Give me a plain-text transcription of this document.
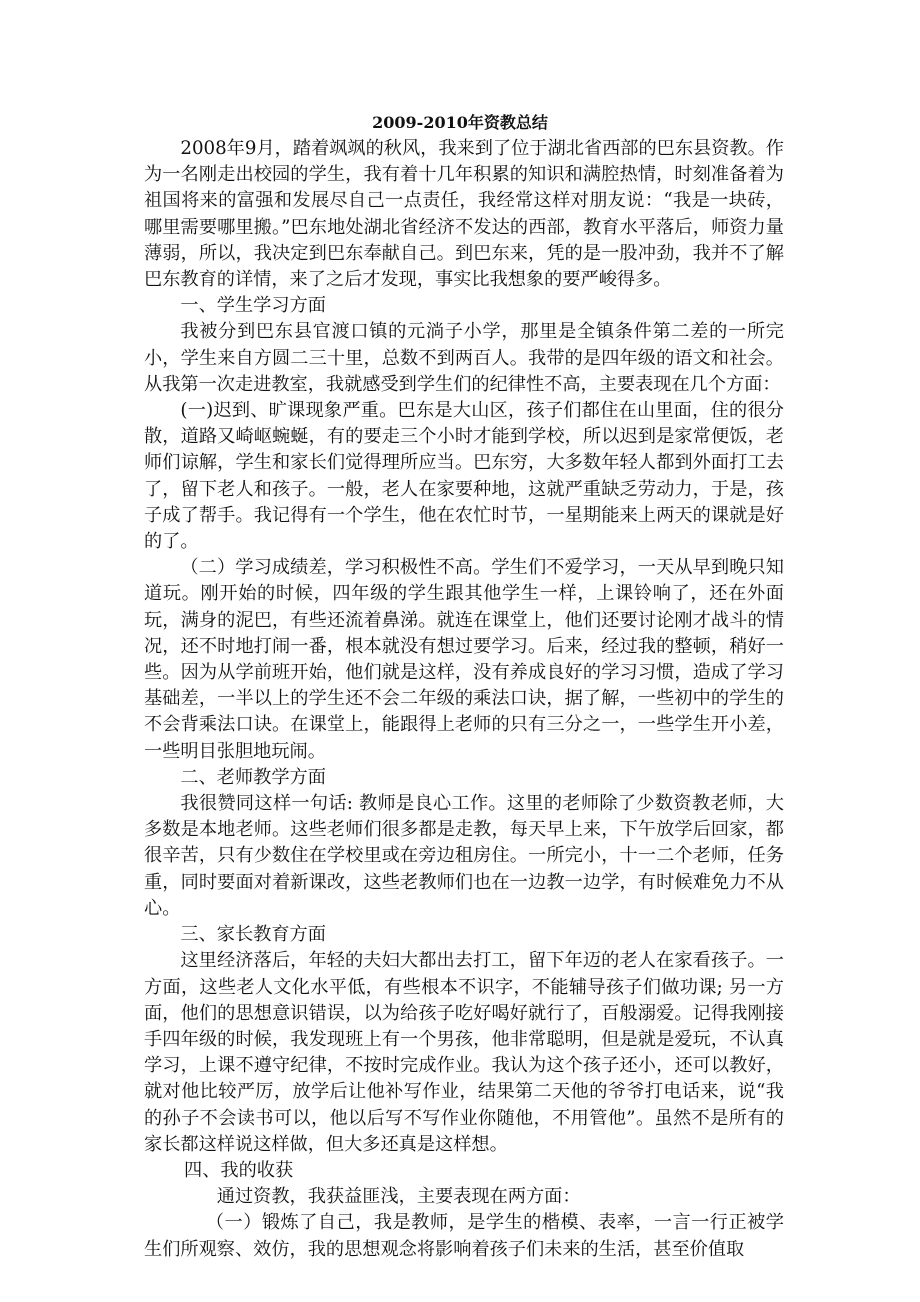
2009-2010年资教总结

2008年9月，踏着飒飒的秋风，我来到了位于湖北省西部的巴东县资教。作为一名刚走出校园的学生，我有着十几年积累的知识和满腔热情，时刻准备着为祖国将来的富强和发展尽自己一点责任，我经常这样对朋友说：“我是一块砖，哪里需要哪里搬。”巴东地处湖北省经济不发达的西部，教育水平落后，师资力量薄弱，所以，我决定到巴东奉献自己。到巴东来，凭的是一股冲劲，我并不了解巴东教育的详情，来了之后才发现，事实比我想象的要严峻得多。

一、学生学习方面

我被分到巴东县官渡口镇的元淌子小学，那里是全镇条件第二差的一所完小，学生来自方圆二三十里，总数不到两百人。我带的是四年级的语文和社会。从我第一次走进教室，我就感受到学生们的纪律性不高，主要表现在几个方面：

(一)迟到、旷课现象严重。巴东是大山区，孩子们都住在山里面，住的很分散，道路又崎岖蜿蜒，有的要走三个小时才能到学校，所以迟到是家常便饭，老师们谅解，学生和家长们觉得理所应当。巴东穷，大多数年轻人都到外面打工去了，留下老人和孩子。一般，老人在家要种地，这就严重缺乏劳动力，于是，孩子成了帮手。我记得有一个学生，他在农忙时节，一星期能来上两天的课就是好的了。

（二）学习成绩差，学习积极性不高。学生们不爱学习，一天从早到晚只知道玩。刚开始的时候，四年级的学生跟其他学生一样，上课铃响了，还在外面玩，满身的泥巴，有些还流着鼻涕。就连在课堂上，他们还要讨论刚才战斗的情况，还不时地打闹一番，根本就没有想过要学习。后来，经过我的整顿，稍好一些。因为从学前班开始，他们就是这样，没有养成良好的学习习惯，造成了学习基础差，一半以上的学生还不会二年级的乘法口诀，据了解，一些初中的学生的不会背乘法口诀。在课堂上，能跟得上老师的只有三分之一，一些学生开小差，一些明目张胆地玩闹。

二、老师教学方面

我很赞同这样一句话: 教师是良心工作。这里的老师除了少数资教老师，大多数是本地老师。这些老师们很多都是走教，每天早上来，下午放学后回家，都很辛苦，只有少数住在学校里或在旁边租房住。一所完小，十一二个老师，任务重，同时要面对着新课改，这些老教师们也在一边教一边学，有时候难免力不从心。

三、家长教育方面

这里经济落后，年轻的夫妇大都出去打工，留下年迈的老人在家看孩子。一方面，这些老人文化水平低，有些根本不识字，不能辅导孩子们做功课; 另一方面，他们的思想意识错误，以为给孩子吃好喝好就行了，百般溺爱。记得我刚接手四年级的时候，我发现班上有一个男孩，他非常聪明，但是就是爱玩，不认真学习，上课不遵守纪律，不按时完成作业。我认为这个孩子还小，还可以教好，就对他比较严厉，放学后让他补写作业，结果第二天他的爷爷打电话来，说“我的孙子不会读书可以，他以后写不写作业你随他，不用管他”。虽然不是所有的家长都这样说这样做，但大多还真是这样想。

四、我的收获

通过资教，我获益匪浅，主要表现在两方面：

（一）锻炼了自己，我是教师，是学生的楷模、表率，一言一行正被学生们所观察、效仿，我的思想观念将影响着孩子们未来的生活，甚至价值取
